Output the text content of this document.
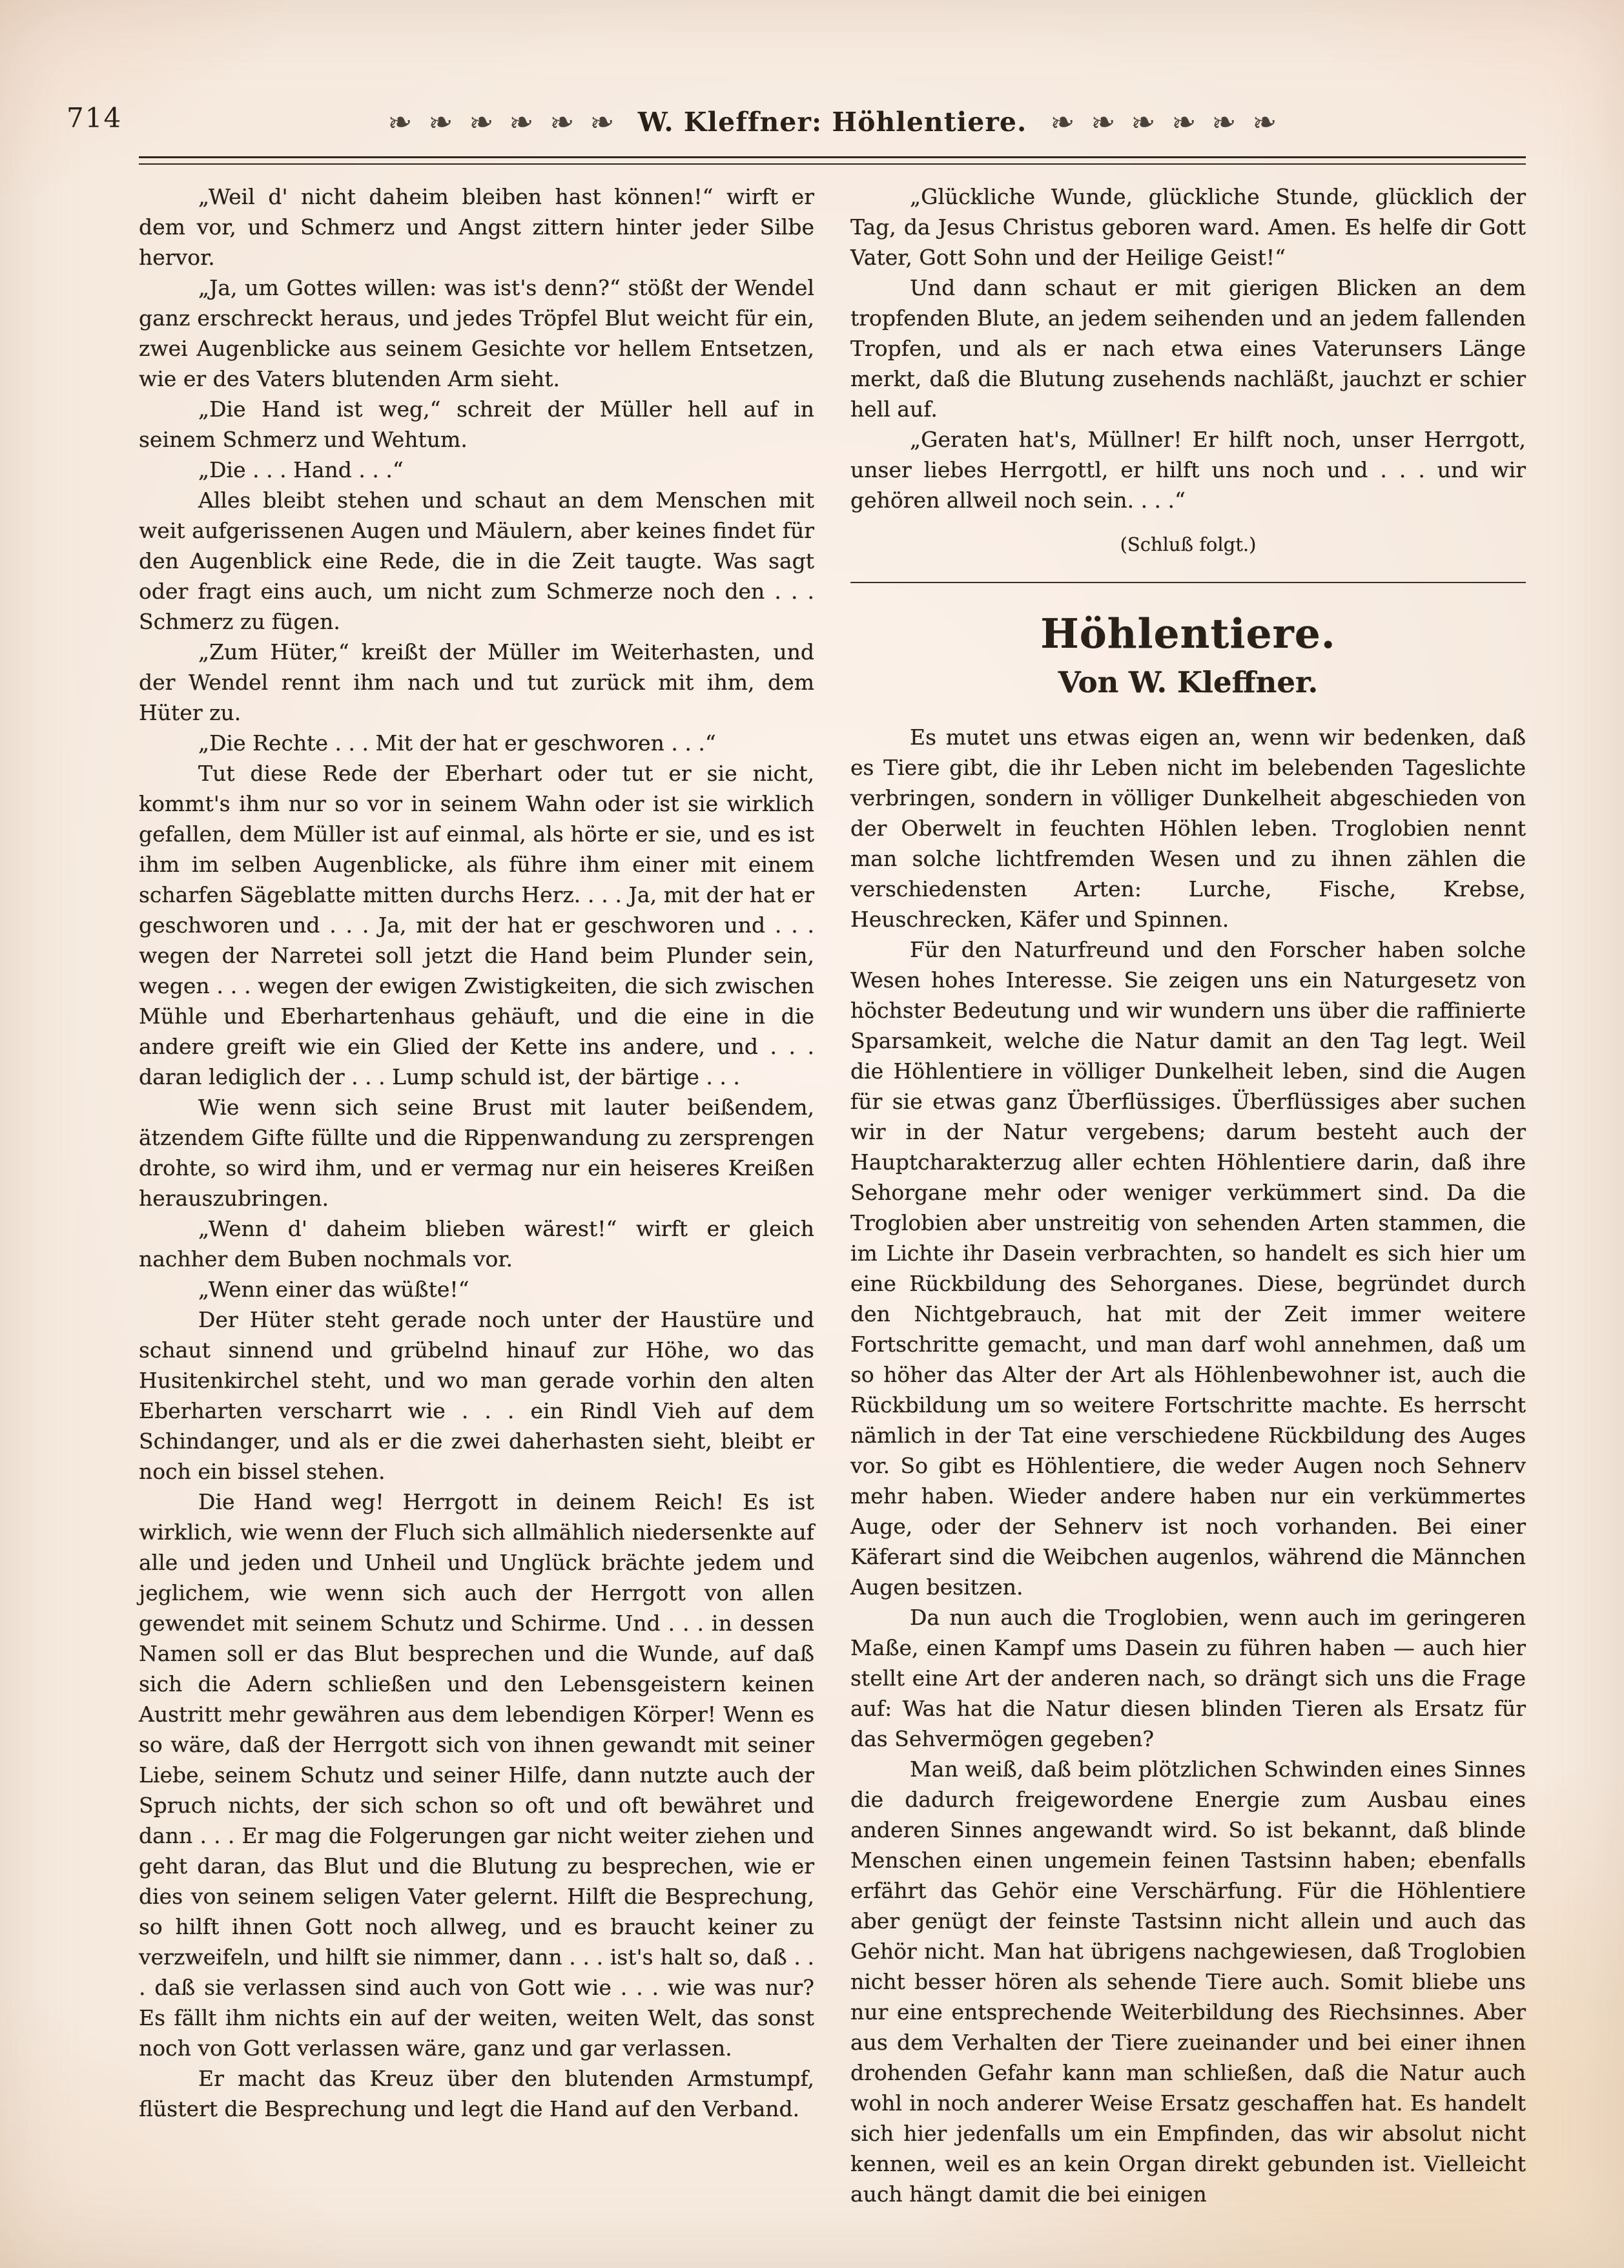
714	❧ ❧ ❧ ❧ ❧ ❧ W. Kleffner: Höhlentiere. ❧ ❧ ❧ ❧ ❧ ❧

„Weil d' nicht daheim bleiben hast können!“ wirft er dem vor, und Schmerz und Angst zittern hinter jeder Silbe hervor.

„Ja, um Gottes willen: was ist's denn?“ stößt der Wendel ganz erschreckt heraus, und jedes Tröpfel Blut weicht für ein, zwei Augenblicke aus seinem Gesichte vor hellem Entsetzen, wie er des Vaters blutenden Arm sieht.

„Die Hand ist weg,“ schreit der Müller hell auf in seinem Schmerz und Wehtum.

„Die . . . Hand . . .“

Alles bleibt stehen und schaut an dem Menschen mit weit aufgerissenen Augen und Mäulern, aber keines findet für den Augenblick eine Rede, die in die Zeit taugte. Was sagt oder fragt eins auch, um nicht zum Schmerze noch den . . . Schmerz zu fügen.

„Zum Hüter,“ kreißt der Müller im Weiterhasten, und der Wendel rennt ihm nach und tut zurück mit ihm, dem Hüter zu.

„Die Rechte . . . Mit der hat er geschworen . . .“

Tut diese Rede der Eberhart oder tut er sie nicht, kommt's ihm nur so vor in seinem Wahn oder ist sie wirklich gefallen, dem Müller ist auf einmal, als hörte er sie, und es ist ihm im selben Augenblicke, als führe ihm einer mit einem scharfen Sägeblatte mitten durchs Herz. . . . Ja, mit der hat er geschworen und . . . Ja, mit der hat er geschworen und . . . wegen der Narretei soll jetzt die Hand beim Plunder sein, wegen . . . wegen der ewigen Zwistigkeiten, die sich zwischen Mühle und Eberhartenhaus gehäuft, und die eine in die andere greift wie ein Glied der Kette ins andere, und . . . daran lediglich der . . . Lump schuld ist, der bärtige . . .

Wie wenn sich seine Brust mit lauter beißendem, ätzendem Gifte füllte und die Rippenwandung zu zersprengen drohte, so wird ihm, und er vermag nur ein heiseres Kreißen herauszubringen.

„Wenn d' daheim blieben wärest!“ wirft er gleich nachher dem Buben nochmals vor.

„Wenn einer das wüßte!“

Der Hüter steht gerade noch unter der Haustüre und schaut sinnend und grübelnd hinauf zur Höhe, wo das Husitenkirchel steht, und wo man gerade vorhin den alten Eberharten verscharrt wie . . . ein Rindl Vieh auf dem Schindanger, und als er die zwei daherhasten sieht, bleibt er noch ein bissel stehen.

Die Hand weg! Herrgott in deinem Reich! Es ist wirklich, wie wenn der Fluch sich allmählich niedersenkte auf alle und jeden und Unheil und Unglück brächte jedem und jeglichem, wie wenn sich auch der Herrgott von allen gewendet mit seinem Schutz und Schirme. Und . . . in dessen Namen soll er das Blut besprechen und die Wunde, auf daß sich die Adern schließen und den Lebensgeistern keinen Austritt mehr gewähren aus dem lebendigen Körper! Wenn es so wäre, daß der Herrgott sich von ihnen gewandt mit seiner Liebe, seinem Schutz und seiner Hilfe, dann nutzte auch der Spruch nichts, der sich schon so oft und oft bewähret und dann . . . Er mag die Folgerungen gar nicht weiter ziehen und geht daran, das Blut und die Blutung zu besprechen, wie er dies von seinem seligen Vater gelernt. Hilft die Besprechung, so hilft ihnen Gott noch allweg, und es braucht keiner zu verzweifeln, und hilft sie nimmer, dann . . . ist's halt so, daß . . . daß sie verlassen sind auch von Gott wie . . . wie was nur? Es fällt ihm nichts ein auf der weiten, weiten Welt, das sonst noch von Gott verlassen wäre, ganz und gar verlassen.

Er macht das Kreuz über den blutenden Armstumpf, flüstert die Besprechung und legt die Hand auf den Verband.

„Glückliche Wunde, glückliche Stunde, glücklich der Tag, da Jesus Christus geboren ward. Amen. Es helfe dir Gott Vater, Gott Sohn und der Heilige Geist!“

Und dann schaut er mit gierigen Blicken an dem tropfenden Blute, an jedem seihenden und an jedem fallenden Tropfen, und als er nach etwa eines Vaterunsers Länge merkt, daß die Blutung zusehends nachläßt, jauchzt er schier hell auf.

„Geraten hat's, Müllner! Er hilft noch, unser Herrgott, unser liebes Herrgottl, er hilft uns noch und . . . und wir gehören allweil noch sein. . . .“

(Schluß folgt.)

Höhlentiere.
Von W. Kleffner.

Es mutet uns etwas eigen an, wenn wir bedenken, daß es Tiere gibt, die ihr Leben nicht im belebenden Tageslichte verbringen, sondern in völliger Dunkelheit abgeschieden von der Oberwelt in feuchten Höhlen leben. Troglobien nennt man solche lichtfremden Wesen und zu ihnen zählen die verschiedensten Arten: Lurche, Fische, Krebse, Heuschrecken, Käfer und Spinnen.

Für den Naturfreund und den Forscher haben solche Wesen hohes Interesse. Sie zeigen uns ein Naturgesetz von höchster Bedeutung und wir wundern uns über die raffinierte Sparsamkeit, welche die Natur damit an den Tag legt. Weil die Höhlentiere in völliger Dunkelheit leben, sind die Augen für sie etwas ganz Überflüssiges. Überflüssiges aber suchen wir in der Natur vergebens; darum besteht auch der Hauptcharakterzug aller echten Höhlentiere darin, daß ihre Sehorgane mehr oder weniger verkümmert sind. Da die Troglobien aber unstreitig von sehenden Arten stammen, die im Lichte ihr Dasein verbrachten, so handelt es sich hier um eine Rückbildung des Sehorganes. Diese, begründet durch den Nichtgebrauch, hat mit der Zeit immer weitere Fortschritte gemacht, und man darf wohl annehmen, daß um so höher das Alter der Art als Höhlenbewohner ist, auch die Rückbildung um so weitere Fortschritte machte. Es herrscht nämlich in der Tat eine verschiedene Rückbildung des Auges vor. So gibt es Höhlentiere, die weder Augen noch Sehnerv mehr haben. Wieder andere haben nur ein verkümmertes Auge, oder der Sehnerv ist noch vorhanden. Bei einer Käferart sind die Weibchen augenlos, während die Männchen Augen besitzen.

Da nun auch die Troglobien, wenn auch im geringeren Maße, einen Kampf ums Dasein zu führen haben — auch hier stellt eine Art der anderen nach, so drängt sich uns die Frage auf: Was hat die Natur diesen blinden Tieren als Ersatz für das Sehvermögen gegeben?

Man weiß, daß beim plötzlichen Schwinden eines Sinnes die dadurch freigewordene Energie zum Ausbau eines anderen Sinnes angewandt wird. So ist bekannt, daß blinde Menschen einen ungemein feinen Tastsinn haben; ebenfalls erfährt das Gehör eine Verschärfung. Für die Höhlentiere aber genügt der feinste Tastsinn nicht allein und auch das Gehör nicht. Man hat übrigens nachgewiesen, daß Troglobien nicht besser hören als sehende Tiere auch. Somit bliebe uns nur eine entsprechende Weiterbildung des Riechsinnes. Aber aus dem Verhalten der Tiere zueinander und bei einer ihnen drohenden Gefahr kann man schließen, daß die Natur auch wohl in noch anderer Weise Ersatz geschaffen hat. Es handelt sich hier jedenfalls um ein Empfinden, das wir absolut nicht kennen, weil es an kein Organ direkt gebunden ist. Vielleicht auch hängt damit die bei einigen
